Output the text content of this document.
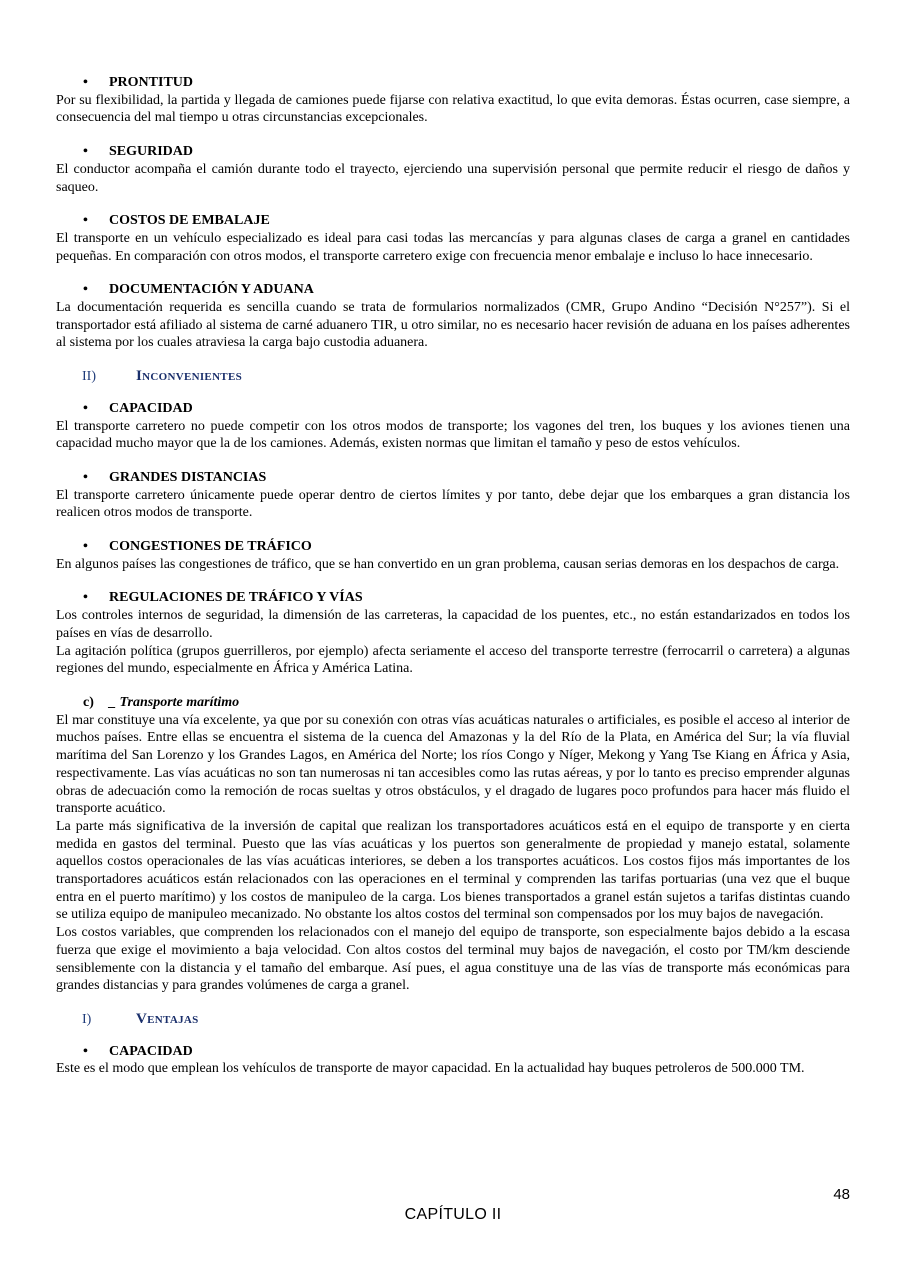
• PRONTITUD

Por su flexibilidad, la partida y llegada de camiones puede fijarse con relativa exactitud, lo que evita demoras. Éstas ocurren, case siempre, a consecuencia del mal tiempo u otras circunstancias excepcionales.

• SEGURIDAD

El conductor acompaña el camión durante todo el trayecto, ejerciendo una supervisión personal que permite reducir el riesgo de daños y saqueo.

• COSTOS DE EMBALAJE

El transporte en un vehículo especializado es ideal para casi todas las mercancías y para algunas clases de carga a granel en cantidades pequeñas. En comparación con otros modos, el transporte carretero exige con frecuencia menor embalaje e incluso lo hace innecesario.

• DOCUMENTACIÓN Y ADUANA

La documentación requerida es sencilla cuando se trata de formularios normalizados (CMR, Grupo Andino “Decisión N°257”). Si el transportador está afiliado al sistema de carné aduanero TIR, u otro similar, no es necesario hacer revisión de aduana en los países adherentes al sistema por los cuales atraviesa la carga bajo custodia aduanera.

II)	Inconvenientes
• CAPACIDAD

El transporte carretero no puede competir con los otros modos de transporte; los vagones del tren, los buques y los aviones tienen una capacidad mucho mayor que la de los camiones. Además, existen normas que limitan el tamaño y peso de estos vehículos.

• GRANDES DISTANCIAS

El transporte carretero únicamente puede operar dentro de ciertos límites y por tanto, debe dejar que los embarques a gran distancia los realicen otros modos de transporte.

• CONGESTIONES DE TRÁFICO

En algunos países las congestiones de tráfico, que se han convertido en un gran problema, causan serias demoras en los despachos de carga.

• REGULACIONES DE TRÁFICO Y VÍAS

Los controles internos de seguridad, la dimensión de las carreteras, la capacidad de los puentes, etc., no están estandarizados en todos los países en vías de desarrollo.

La agitación política (grupos guerrilleros, por ejemplo) afecta seriamente el acceso del transporte terrestre (ferrocarril o carretera) a algunas regiones del mundo, especialmente en África y América Latina.

c) _ Transporte marítimo

El mar constituye una vía excelente, ya que por su conexión con otras vías acuáticas naturales o artificiales, es posible el acceso al interior de muchos países. Entre ellas se encuentra el sistema de la cuenca del Amazonas y la del Río de la Plata, en América del Sur; la vía fluvial marítima del San Lorenzo y los Grandes Lagos, en América del Norte; los ríos Congo y Níger, Mekong y Yang Tse Kiang en África y Asia, respectivamente. Las vías acuáticas no son tan numerosas ni tan accesibles como las rutas aéreas, y por lo tanto es preciso emprender algunas obras de adecuación como la remoción de rocas sueltas y otros obstáculos, y el dragado de lugares poco profundos para hacer más fluido el transporte acuático.

La parte más significativa de la inversión de capital que realizan los transportadores acuáticos está en el equipo de transporte y en cierta medida en gastos del terminal. Puesto que las vías acuáticas y los puertos son generalmente de propiedad y manejo estatal, solamente aquellos costos operacionales de las vías acuáticas interiores, se deben a los transportes acuáticos. Los costos fijos más importantes de los transportadores acuáticos están relacionados con las operaciones en el terminal y comprenden las tarifas portuarias (una vez que el buque entra en el puerto marítimo) y los costos de manipuleo de la carga. Los bienes transportados a granel están sujetos a tarifas distintas cuando se utiliza equipo de manipuleo mecanizado. No obstante los altos costos del terminal son compensados por los muy bajos de navegación.

Los costos variables, que comprenden los relacionados con el manejo del equipo de transporte, son especialmente bajos debido a la escasa fuerza que exige el movimiento a baja velocidad. Con altos costos del terminal muy bajos de navegación, el costo por TM/km desciende sensiblemente con la distancia y el tamaño del embarque. Así pues, el agua constituye una de las vías de transporte más económicas para grandes distancias y para grandes volúmenes de carga a granel.

I)	Ventajas
• CAPACIDAD

Este es el modo que emplean los vehículos de transporte de mayor capacidad. En la actualidad hay buques petroleros de 500.000 TM.

48
CAPÍTULO II
